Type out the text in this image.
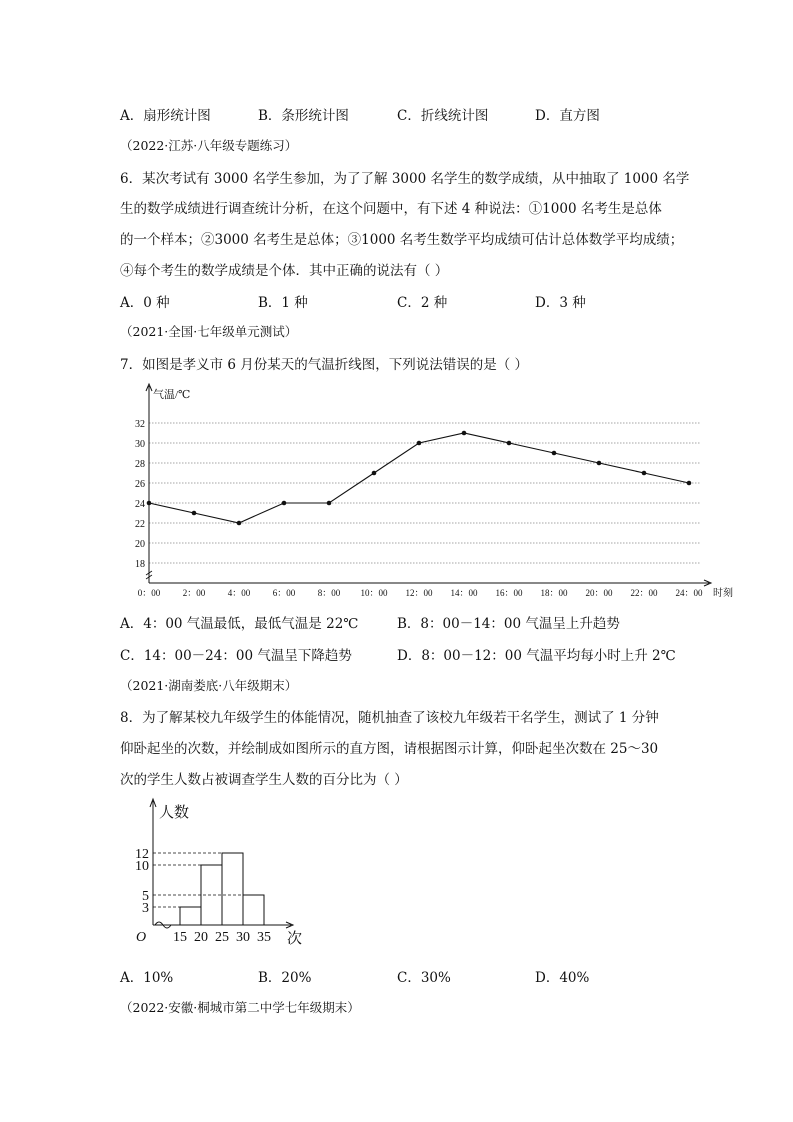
A．扇形统计图	B．条形统计图	C．折线统计图	D．直方图
（2022·江苏·八年级专题练习）
6．某次考试有 3000 名学生参加，为了了解 3000 名学生的数学成绩，从中抽取了 1000 名学
生的数学成绩进行调查统计分析，在这个问题中，有下述 4 种说法：①1000 名考生是总体
的一个样本；②3000 名考生是总体；③1000 名考生数学平均成绩可估计总体数学平均成绩；
④每个考生的数学成绩是个体．其中正确的说法有（ ）
A．0 种	B．1 种	C．2 种	D．3 种
（2021·全国·七年级单元测试）
7．如图是孝义市 6 月份某天的气温折线图，下列说法错误的是（ ）
气温/℃
18
20
22
24
26
28
30
32
0：00 2：00 4：00 6：00 8：00 10：00 12：00 14：00 16：00 18：00 20：00 22：00 24：00 时刻
A．4：00 气温最低，最低气温是 22℃	B．8：00－14：00 气温呈上升趋势
C．14：00－24：00 气温呈下降趋势	D．8：00－12：00 气温平均每小时上升 2℃
（2021·湖南娄底·八年级期末）
8．为了解某校九年级学生的体能情况，随机抽查了该校九年级若干名学生，测试了 1 分钟
仰卧起坐的次数，并绘制成如图所示的直方图，请根据图示计算，仰卧起坐次数在 25～30
次的学生人数占被调查学生人数的百分比为（ ）
人数
3
5
10
12
15 20 25 30 35 次
O
A．10%	B．20%	C．30%	D．40%
（2022·安徽·桐城市第二中学七年级期末）
